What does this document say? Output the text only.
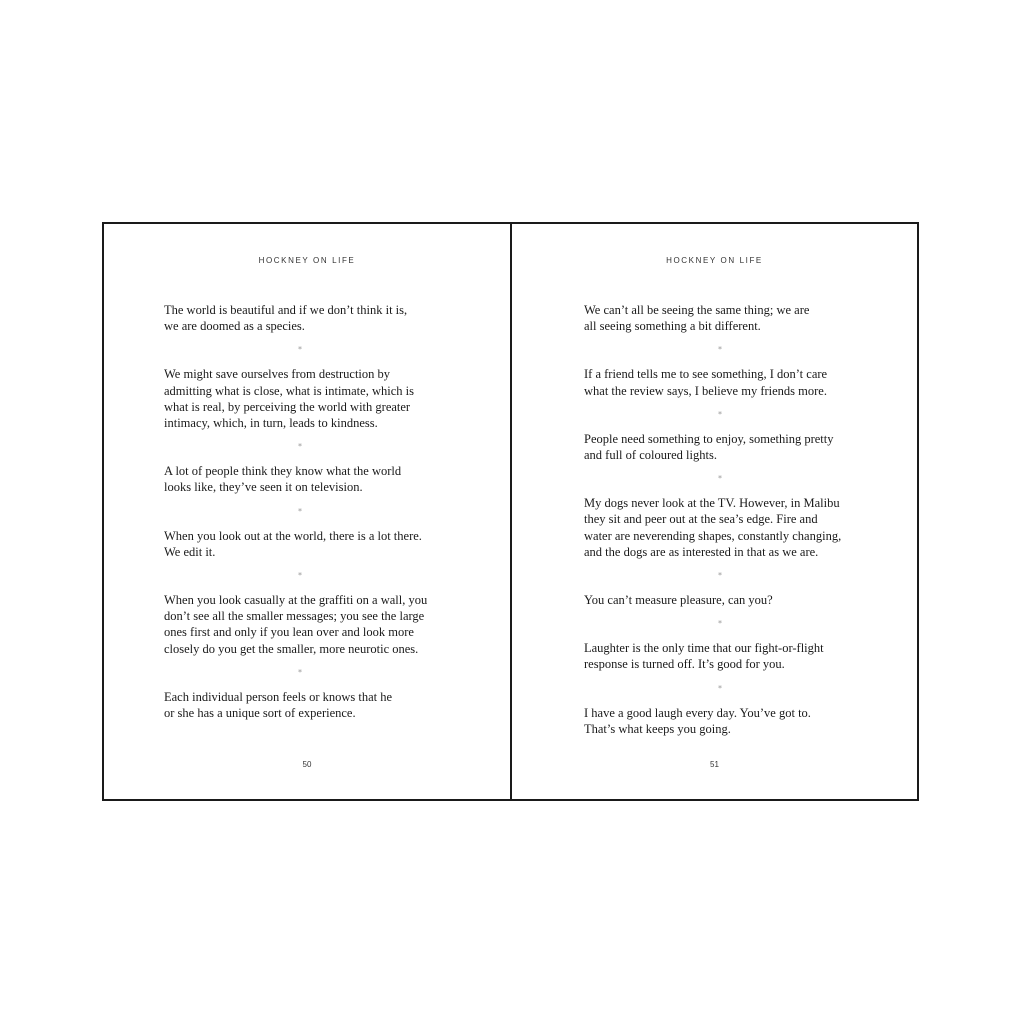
HOCKNEY ON LIFE

The world is beautiful and if we don’t think it is,
we are doomed as a species.

*

We might save ourselves from destruction by
admitting what is close, what is intimate, which is
what is real, by perceiving the world with greater
intimacy, which, in turn, leads to kindness.

*

A lot of people think they know what the world
looks like, they’ve seen it on television.

*

When you look out at the world, there is a lot there.
We edit it.

*

When you look casually at the graffiti on a wall, you
don’t see all the smaller messages; you see the large
ones first and only if you lean over and look more
closely do you get the smaller, more neurotic ones.

*

Each individual person feels or knows that he
or she has a unique sort of experience.

50
HOCKNEY ON LIFE

We can’t all be seeing the same thing; we are
all seeing something a bit different.

*

If a friend tells me to see something, I don’t care
what the review says, I believe my friends more.

*

People need something to enjoy, something pretty
and full of coloured lights.

*

My dogs never look at the TV. However, in Malibu
they sit and peer out at the sea’s edge. Fire and
water are neverending shapes, constantly changing,
and the dogs are as interested in that as we are.

*

You can’t measure pleasure, can you?

*

Laughter is the only time that our fight-or-flight
response is turned off. It’s good for you.

*

I have a good laugh every day. You’ve got to.
That’s what keeps you going.

51
